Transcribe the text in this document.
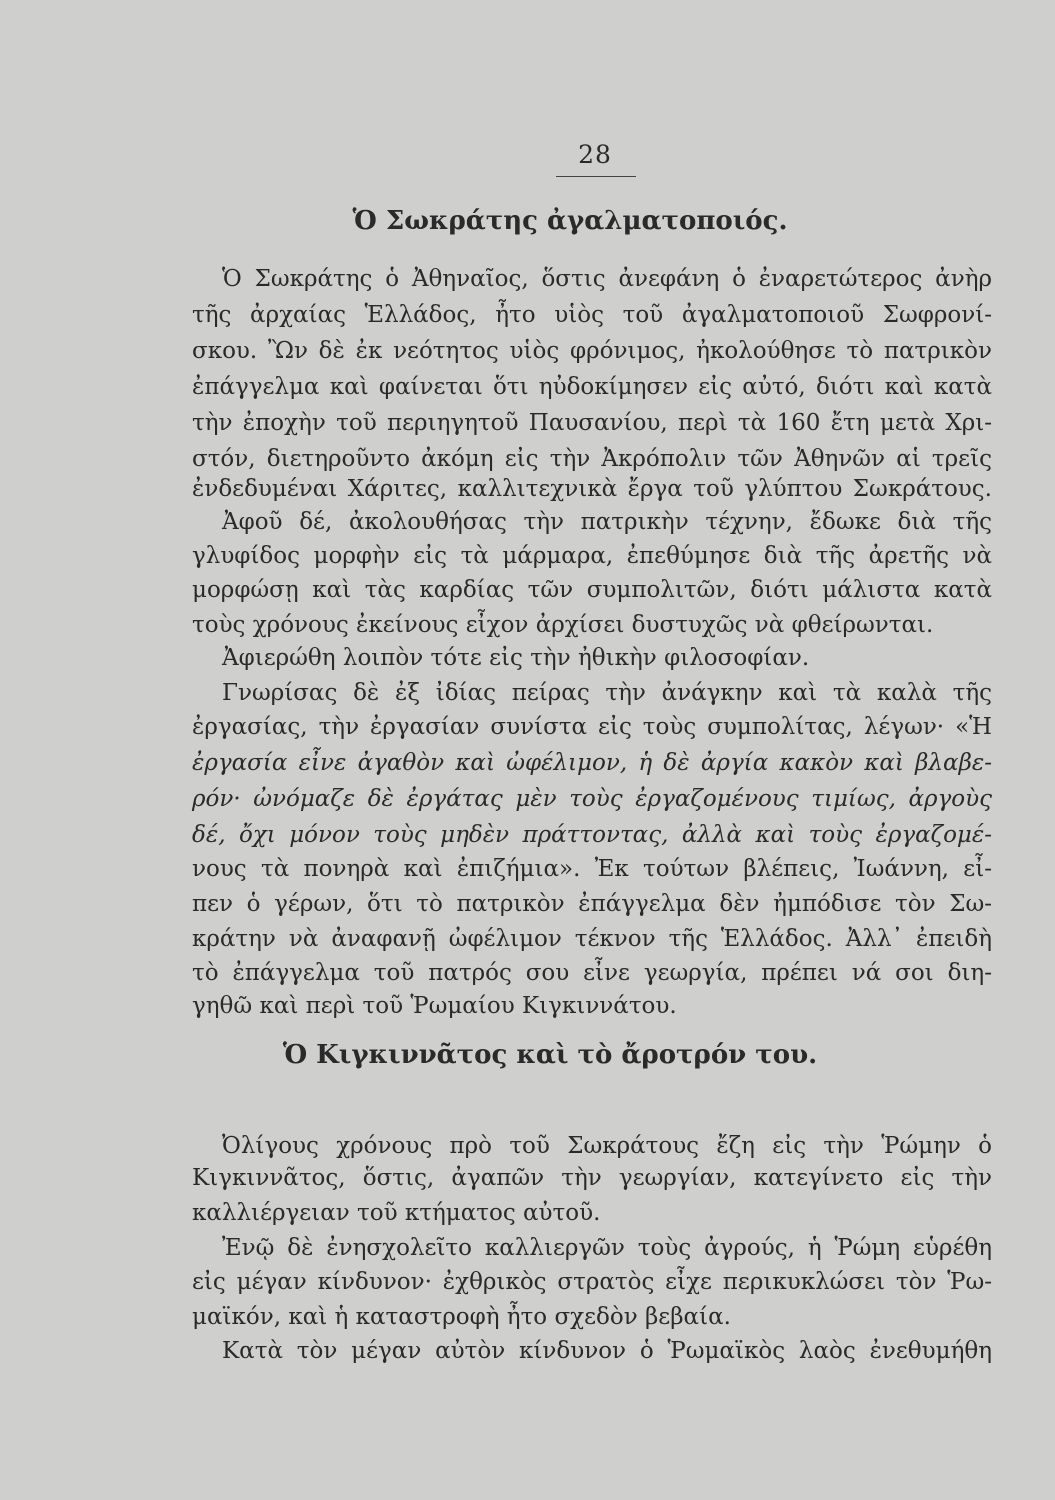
28
Ὁ Σωκράτης ἀγαλματοποιός.
Ὁ Κιγκιννᾶτος καὶ τὸ ἄροτρόν του.
Ὁ Σωκράτης ὁ Ἀθηναῖος, ὅστις ἀνεφάνη ὁ ἐναρετώτερος ἀνὴρ
τῆς ἀρχαίας Ἑλλάδος, ἦτο υἱὸς τοῦ ἀγαλματοποιοῦ Σωφρονί-
σκου. Ὢν δὲ ἐκ νεότητος υἱὸς φρόνιμος, ἠκολούθησε τὸ πατρικὸν
ἐπάγγελμα καὶ φαίνεται ὅτι ηὐδοκίμησεν εἰς αὐτό, διότι καὶ κατὰ
τὴν ἐποχὴν τοῦ περιηγητοῦ Παυσανίου, περὶ τὰ 160 ἔτη μετὰ Χρι-
στόν, διετηροῦντο ἀκόμη εἰς τὴν Ἀκρόπολιν τῶν Ἀθηνῶν αἱ τρεῖς
ἐνδεδυμέναι Χάριτες, καλλιτεχνικὰ ἔργα τοῦ γλύπτου Σωκράτους.
Ἀφοῦ δέ, ἀκολουθήσας τὴν πατρικὴν τέχνην, ἔδωκε διὰ τῆς
γλυφίδος μορφὴν εἰς τὰ μάρμαρα, ἐπεθύμησε διὰ τῆς ἀρετῆς νὰ
μορφώσῃ καὶ τὰς καρδίας τῶν συμπολιτῶν, διότι μάλιστα κατὰ
τοὺς χρόνους ἐκείνους εἶχον ἀρχίσει δυστυχῶς νὰ φθείρωνται.
Ἀφιερώθη λοιπὸν τότε εἰς τὴν ἠθικὴν φιλοσοφίαν.
Γνωρίσας δὲ ἐξ ἰδίας πείρας τὴν ἀνάγκην καὶ τὰ καλὰ τῆς
ἐργασίας, τὴν ἐργασίαν συνίστα εἰς τοὺς συμπολίτας, λέγων· «Ἡ
ἐργασία εἶνε ἀγαθὸν καὶ ὠφέλιμον, ἡ δὲ ἀργία κακὸν καὶ βλαβε-
ρόν· ὠνόμαζε δὲ ἐργάτας μὲν τοὺς ἐργαζομένους τιμίως, ἀργοὺς
δέ, ὄχι μόνον τοὺς μηδὲν πράττοντας, ἀλλὰ καὶ τοὺς ἐργαζομέ-
νους τὰ πονηρὰ καὶ ἐπιζήμια». Ἐκ τούτων βλέπεις, Ἰωάννη, εἶ-
πεν ὁ γέρων, ὅτι τὸ πατρικὸν ἐπάγγελμα δὲν ἠμπόδισε τὸν Σω-
κράτην νὰ ἀναφανῇ ὠφέλιμον τέκνον τῆς Ἑλλάδος. Ἀλλ᾽ ἐπειδὴ
τὸ ἐπάγγελμα τοῦ πατρός σου εἶνε γεωργία, πρέπει νά σοι διη-
γηθῶ καὶ περὶ τοῦ Ῥωμαίου Κιγκιννάτου.
Ὀλίγους χρόνους πρὸ τοῦ Σωκράτους ἔζη εἰς τὴν Ῥώμην ὁ
Κιγκιννᾶτος, ὅστις, ἀγαπῶν τὴν γεωργίαν, κατεγίνετο εἰς τὴν
καλλιέργειαν τοῦ κτήματος αὐτοῦ.
Ἐνῷ δὲ ἐνησχολεῖτο καλλιεργῶν τοὺς ἀγρούς, ἡ Ῥώμη εὑρέθη
εἰς μέγαν κίνδυνον· ἐχθρικὸς στρατὸς εἶχε περικυκλώσει τὸν Ῥω-
μαϊκόν, καὶ ἡ καταστροφὴ ἦτο σχεδὸν βεβαία.
Κατὰ τὸν μέγαν αὐτὸν κίνδυνον ὁ Ῥωμαϊκὸς λαὸς ἐνεθυμήθη
